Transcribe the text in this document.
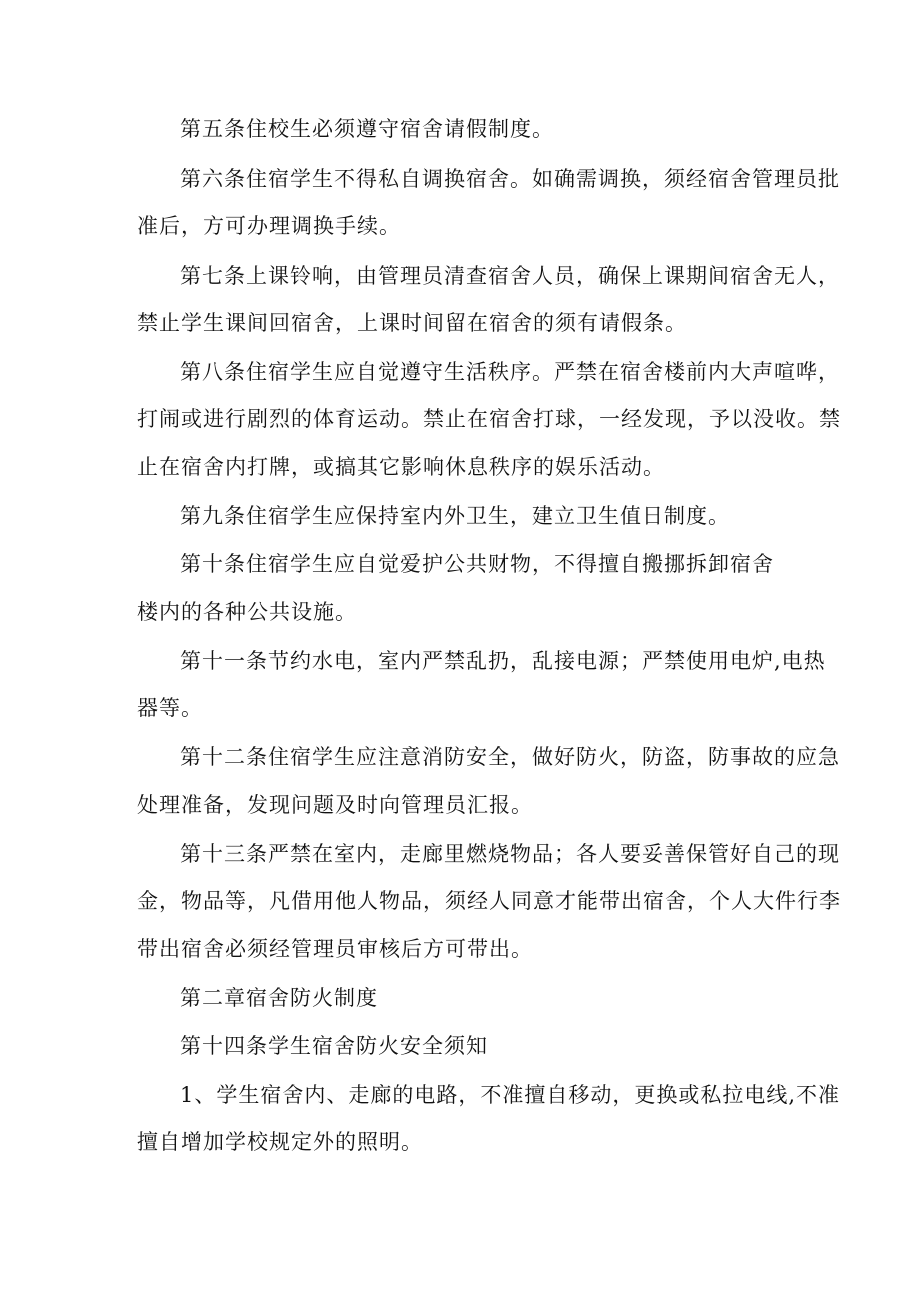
第五条住校生必须遵守宿舍请假制度。
第六条住宿学生不得私自调换宿舍。如确需调换，须经宿舍管理员批
准后，方可办理调换手续。
第七条上课铃响，由管理员清查宿舍人员，确保上课期间宿舍无人，
禁止学生课间回宿舍，上课时间留在宿舍的须有请假条。
第八条住宿学生应自觉遵守生活秩序。严禁在宿舍楼前内大声喧哗，
打闹或进行剧烈的体育运动。禁止在宿舍打球，一经发现，予以没收。禁
止在宿舍内打牌，或搞其它影响休息秩序的娱乐活动。
第九条住宿学生应保持室内外卫生，建立卫生值日制度。
第十条住宿学生应自觉爱护公共财物，不得擅自搬挪拆卸宿舍
楼内的各种公共设施。
第十一条节约水电，室内严禁乱扔，乱接电源；严禁使用电炉,电热
器等。
第十二条住宿学生应注意消防安全，做好防火，防盗，防事故的应急
处理准备，发现问题及时向管理员汇报。
第十三条严禁在室内，走廊里燃烧物品；各人要妥善保管好自己的现
金，物品等，凡借用他人物品，须经人同意才能带出宿舍，个人大件行李
带出宿舍必须经管理员审核后方可带出。
第二章宿舍防火制度
第十四条学生宿舍防火安全须知
1、学生宿舍内、走廊的电路，不准擅自移动，更换或私拉电线,不准
擅自增加学校规定外的照明。
